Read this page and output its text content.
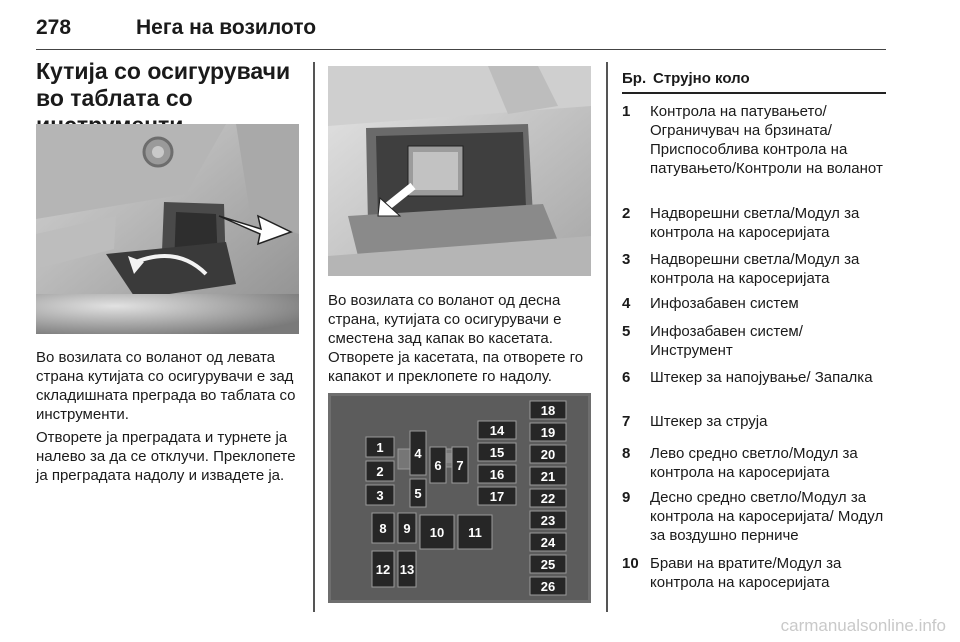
278	Нега на возилото
Кутија со осигурувачи во таблата со
Во возилата со воланот од левата страна кутијата со осигурувачи е зад складишната преграда во таблата со инструменти.
Отворете ја преградата и турнете ја налево за да се отклучи. Преклопете ја преградата надолу и извадете ја.
Во возилата со воланот од десна страна, кутијата со осигурувачи е сместена зад капак во касетата. Отворете ја касетата, па отворете го капакот и преклопете го надолу.
1
2
3
4
5
6 7
8 9 10 11
12 13
14
15
16
17
18
19
20
21
22
23
24
25
26
Бр. Струјно коло
1 Контрола на патувањето/ Ограничувач на брзината/ Приспособлива контрола на патувањето/Контроли на воланот
2 Надворешни светла/Модул за контрола на каросеријата
3 Надворешни светла/Модул за контрола на каросеријата
4 Инфозабавен систем
5 Инфозабавен систем/ Инструмент
6 Штекер за напојување/ Запалка
7 Штекер за струја
8 Лево средно светло/Модул за контрола на каросеријата
9 Десно средно светло/Модул за контрола на каросеријата/ Модул за воздушно перниче
10 Брави на вратите/Модул за контрола на каросеријата
carmanualsonline.info
